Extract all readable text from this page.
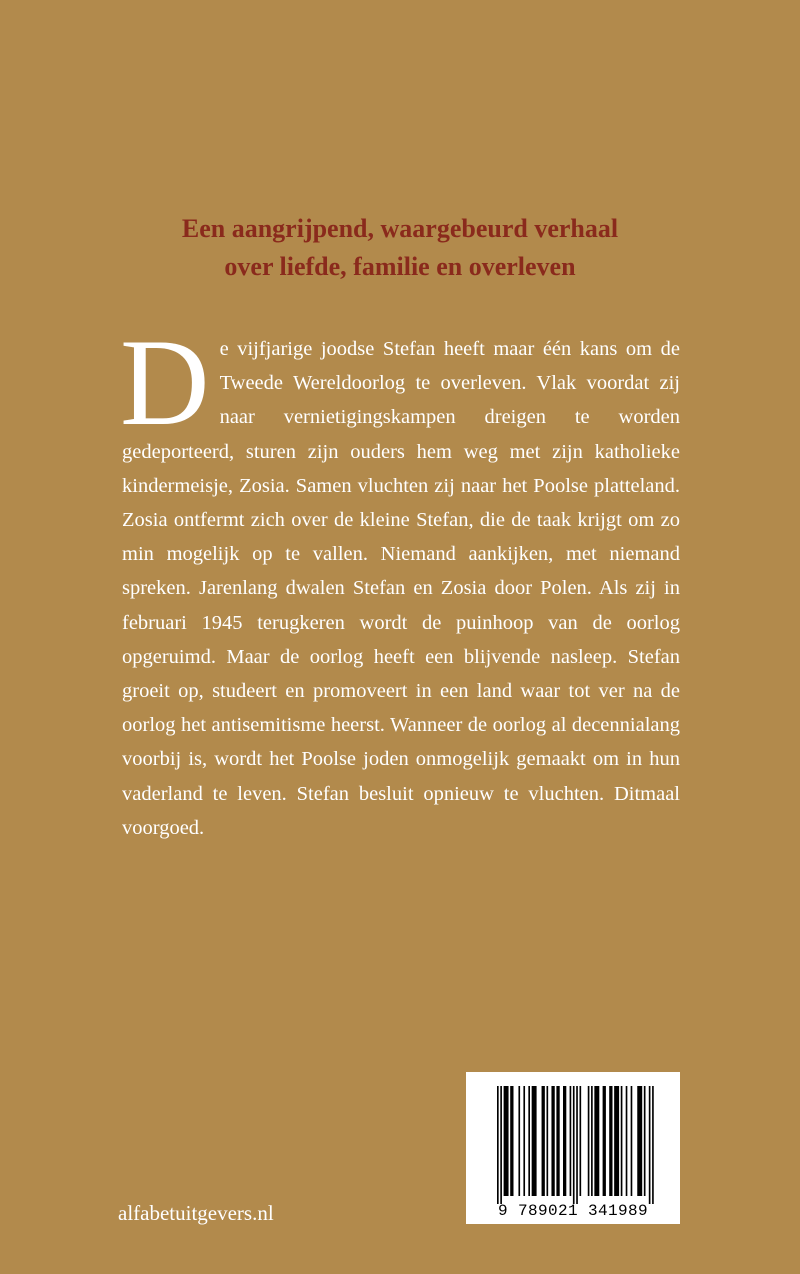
Een aangrijpend, waargebeurd verhaal
over liefde, familie en overleven
De vijfjarige joodse Stefan heeft maar één kans om de Tweede Wereldoorlog te overleven. Vlak voordat zij naar vernietigingskampen dreigen te worden gedeporteerd, sturen zijn ouders hem weg met zijn katholieke kindermeisje, Zosia. Samen vluchten zij naar het Poolse platteland. Zosia ontfermt zich over de kleine Stefan, die de taak krijgt om zo min mogelijk op te vallen. Niemand aankijken, met niemand spreken. Jarenlang dwalen Stefan en Zosia door Polen. Als zij in februari 1945 terugkeren wordt de puinhoop van de oorlog opgeruimd. Maar de oorlog heeft een blijvende nasleep. Stefan groeit op, studeert en promoveert in een land waar tot ver na de oorlog het antisemitisme heerst. Wanneer de oorlog al decennialang voorbij is, wordt het Poolse joden onmogelijk gemaakt om in hun vaderland te leven. Stefan besluit opnieuw te vluchten. Ditmaal voorgoed.
9 789021 341989
alfabetuitgevers.nl
